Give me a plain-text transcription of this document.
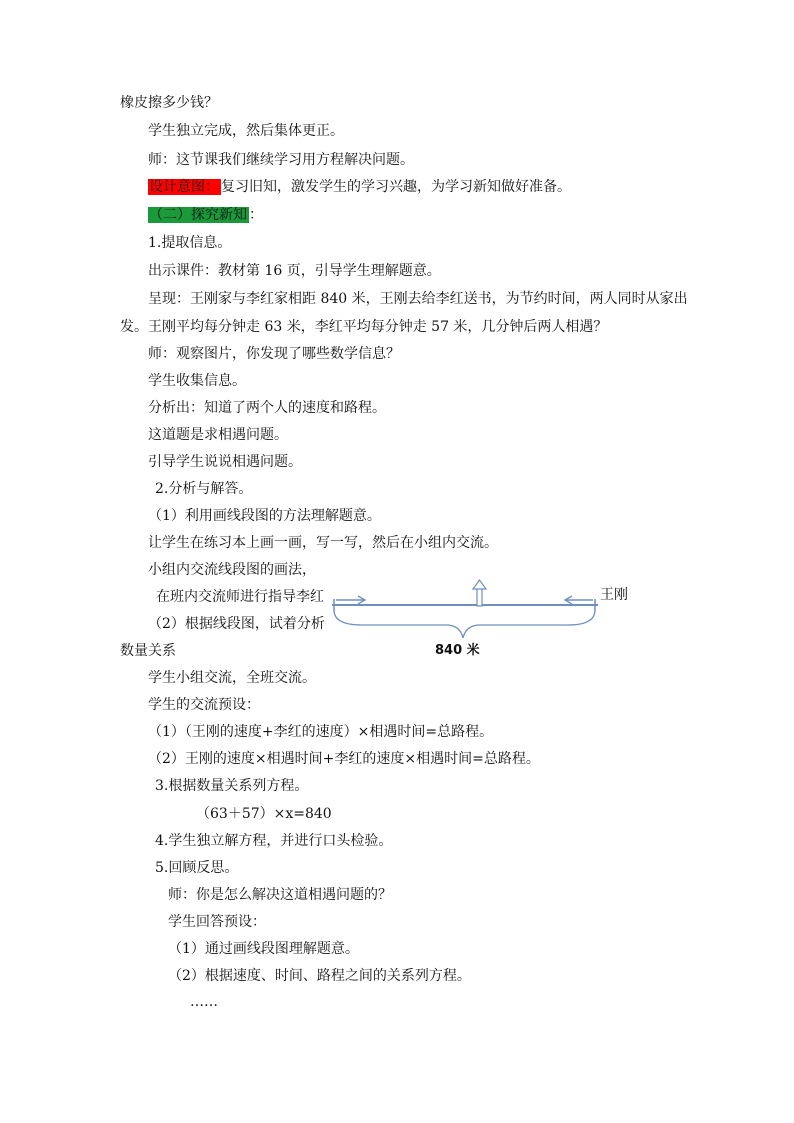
橡皮擦多少钱？
学生独立完成，然后集体更正。
师：这节课我们继续学习用方程解决问题。
设计意图： 复习旧知，激发学生的学习兴趣，为学习新知做好准备。
（二）探究新知 ：
1.提取信息。
出示课件：教材第 16 页，引导学生理解题意。
呈现：王刚家与李红家相距 840 米，王刚去给李红送书，为节约时间，两人同时从家出
发。王刚平均每分钟走 63 米，李红平均每分钟走 57 米，几分钟后两人相遇？
师：观察图片，你发现了哪些数学信息？
学生收集信息。
分析出：知道了两个人的速度和路程。
这道题是求相遇问题。
引导学生说说相遇问题。
2.分析与解答。
（1）利用画线段图的方法理解题意。
让学生在练习本上画一画，写一写，然后在小组内交流。
小组内交流线段图的画法，
在班内交流师进行指导李红
（2）根据线段图，试着分析
数量关系
学生小组交流，全班交流。
学生的交流预设：
（1）（王刚的速度+李红的速度）×相遇时间=总路程。
（2）王刚的速度×相遇时间+李红的速度×相遇时间=总路程。
3.根据数量关系列方程。
（63＋57）×x=840
4.学生独立解方程，并进行口头检验。
5.回顾反思。
师：你是怎么解决这道相遇问题的？
学生回答预设：
（1）通过画线段图理解题意。
（2）根据速度、时间、路程之间的关系列方程。
……
王刚
840 米
